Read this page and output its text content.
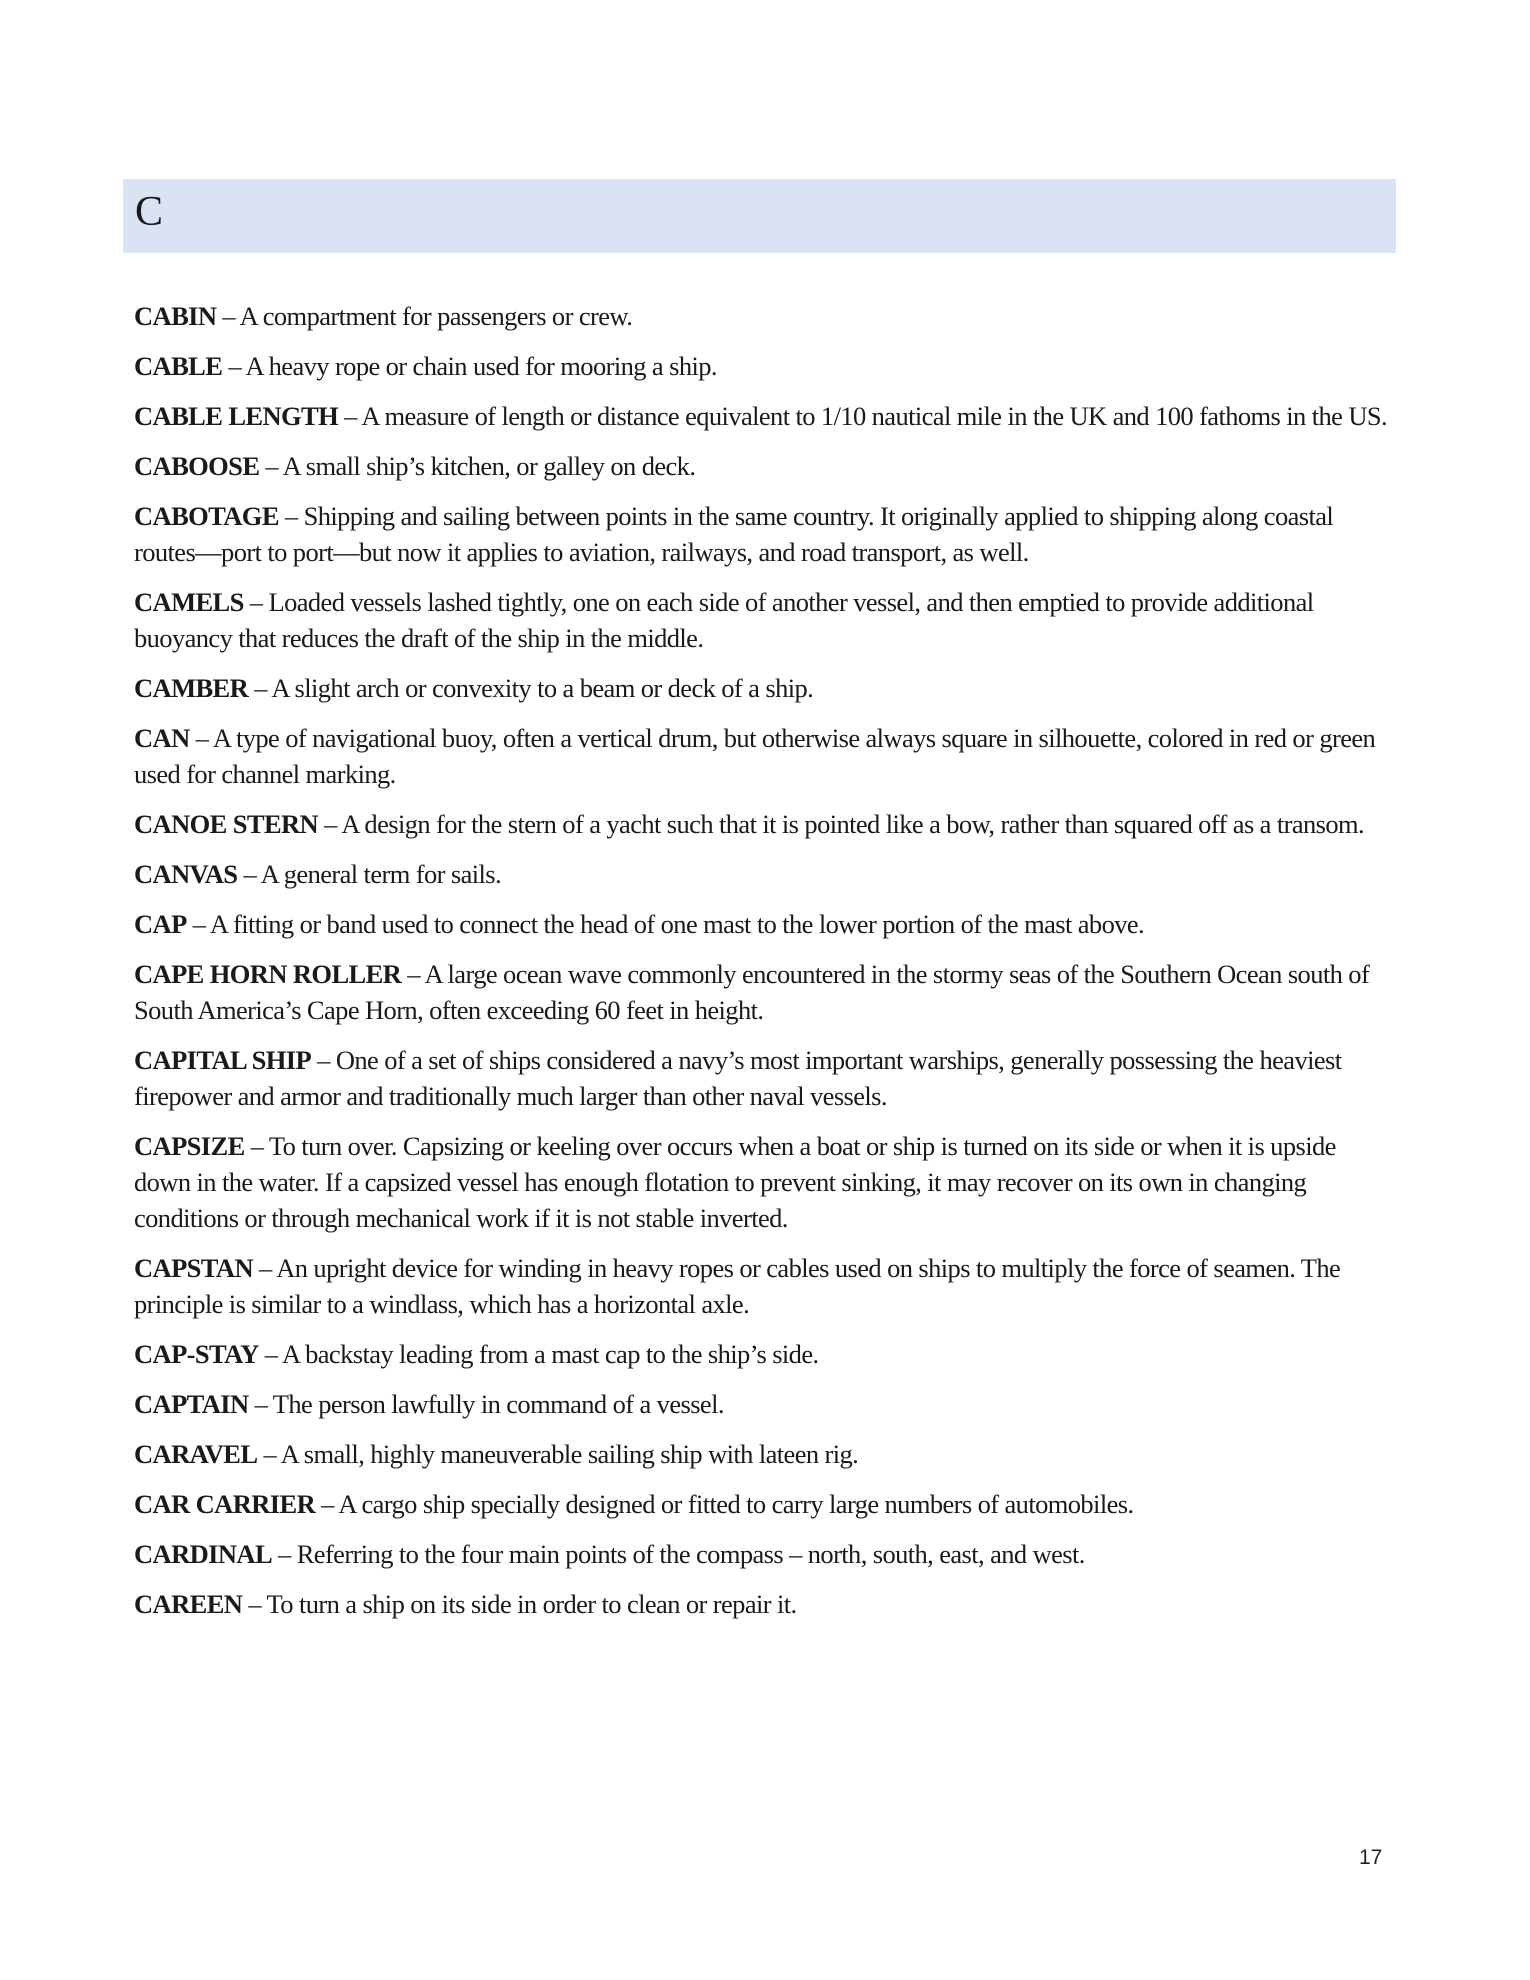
C

CABIN – A compartment for passengers or crew.

CABLE – A heavy rope or chain used for mooring a ship.

CABLE LENGTH – A measure of length or distance equivalent to 1/10 nautical mile in the UK and 100 fathoms in the US.

CABOOSE – A small ship’s kitchen, or galley on deck.

CABOTAGE – Shipping and sailing between points in the same country. It originally applied to shipping along coastal routes—port to port—but now it applies to aviation, railways, and road transport, as well.

CAMELS – Loaded vessels lashed tightly, one on each side of another vessel, and then emptied to provide additional buoyancy that reduces the draft of the ship in the middle.

CAMBER – A slight arch or convexity to a beam or deck of a ship.

CAN – A type of navigational buoy, often a vertical drum, but otherwise always square in silhouette, colored in red or green used for channel marking.

CANOE STERN – A design for the stern of a yacht such that it is pointed like a bow, rather than squared off as a transom.

CANVAS – A general term for sails.

CAP – A fitting or band used to connect the head of one mast to the lower portion of the mast above.

CAPE HORN ROLLER – A large ocean wave commonly encountered in the stormy seas of the Southern Ocean south of South America’s Cape Horn, often exceeding 60 feet in height.

CAPITAL SHIP – One of a set of ships considered a navy’s most important warships, generally possessing the heaviest firepower and armor and traditionally much larger than other naval vessels.

CAPSIZE – To turn over. Capsizing or keeling over occurs when a boat or ship is turned on its side or when it is upside down in the water. If a capsized vessel has enough flotation to prevent sinking, it may recover on its own in changing conditions or through mechanical work if it is not stable inverted.

CAPSTAN – An upright device for winding in heavy ropes or cables used on ships to multiply the force of seamen. The principle is similar to a windlass, which has a horizontal axle.

CAP-STAY – A backstay leading from a mast cap to the ship’s side.

CAPTAIN – The person lawfully in command of a vessel.

CARAVEL – A small, highly maneuverable sailing ship with lateen rig.

CAR CARRIER – A cargo ship specially designed or fitted to carry large numbers of automobiles.

CARDINAL – Referring to the four main points of the compass – north, south, east, and west.

CAREEN – To turn a ship on its side in order to clean or repair it.

17
